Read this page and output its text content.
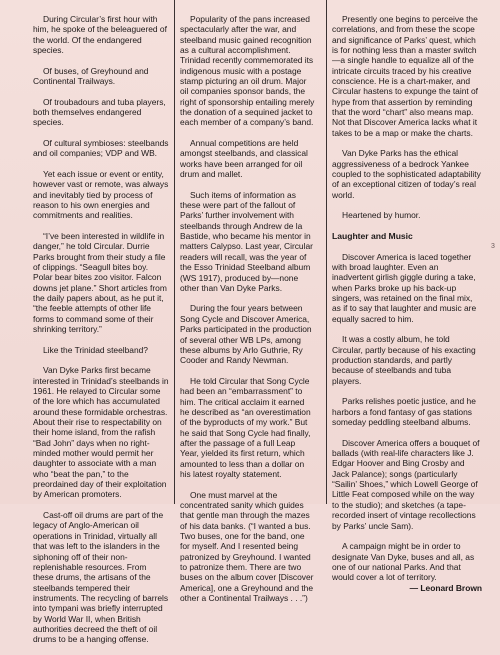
During Circular’s first hour with him, he spoke of the beleaguered of the world. Of the endangered species.

Of buses, of Greyhound and Continental Trailways.

Of troubadours and tuba players, both themselves endangered species.

Of cultural symbioses: steelbands and oil companies; VDP and WB.

Yet each issue or event or entity, however vast or remote, was always and inevitably tied by process of reason to his own energies and commitments and realities.

“I’ve been interested in wildlife in danger,” he told Circular. Durrie Parks brought from their study a file of clippings. “Seagull bites boy. Polar bear bites zoo visitor. Falcon downs jet plane.” Short articles from the daily papers about, as he put it, “the feeble attempts of other life forms to command some of their shrinking territory.”

Like the Trinidad steelband?

Van Dyke Parks first became interested in Trinidad’s steelbands in 1961. He relayed to Circular some of the lore which has accumulated around these formidable orchestras. About their rise to respectability on their home island, from the rafish “Bad John” days when no right-minded mother would permit her daughter to associate with a man who “beat the pan,” to the preordained day of their exploitation by American promoters.

Cast-off oil drums are part of the legacy of Anglo-American oil operations in Trinidad, virtually all that was left to the islanders in the siphoning off of their non-replenishable resources. From these drums, the artisans of the steelbands tempered their instruments. The recycling of barrels into tympani was briefly interrupted by World War II, when British authorities decreed the theft of oil drums to be a hanging offense.

Popularity of the pans increased spectacularly after the war, and steelband music gained recognition as a cultural accomplishment. Trinidad recently commemorated its indigenous music with a postage stamp picturing an oil drum. Major oil companies sponsor bands, the right of sponsorship entailing merely the donation of a sequined jacket to each member of a company’s band.

Annual competitions are held amongst steelbands, and classical works have been arranged for oil drum and mallet.

Such items of information as these were part of the fallout of Parks’ further involvement with steelbands through Andrew de la Bastide, who became his mentor in matters Calypso. Last year, Circular readers will recall, was the year of the Esso Trinidad Steelband album (WS 1917), produced by—none other than Van Dyke Parks.

During the four years between Song Cycle and Discover America, Parks participated in the production of several other WB LPs, among these albums by Arlo Guthrie, Ry Cooder and Randy Newman.

He told Circular that Song Cycle had been an “embarrassment” to him. The critical acclaim it earned he described as “an overestimation of the byproducts of my work.” But he said that Song Cycle had finally, after the passage of a full Leap Year, yielded its first return, which amounted to less than a dollar on his latest royalty statement.

One must marvel at the concentrated sanity which guides that gentle man through the mazes of his data banks. (“I wanted a bus. Two buses, one for the band, one for myself. And I resented being patronized by Greyhound. I wanted to patronize them. There are two buses on the album cover [Discover America], one a Greyhound and the other a Continental Trailways . . .”)

Presently one begins to perceive the correlations, and from these the scope and significance of Parks’ quest, which is for nothing less than a master switch—a single handle to equalize all of the intricate circuits traced by his creative conscience. He is a chart-maker, and Circular hastens to expunge the taint of hype from that assertion by reminding that the word “chart” also means map. Not that Discover America lacks what it takes to be a map or make the charts.

Van Dyke Parks has the ethical aggressiveness of a bedrock Yankee coupled to the sophisticated adaptability of an exceptional citizen of today’s real world.

Heartened by humor.

Laughter and Music

Discover America is laced together with broad laughter. Even an inadvertent girlish giggle during a take, when Parks broke up his back-up singers, was retained on the final mix, as if to say that laughter and music are equally sacred to him.

It was a costly album, he told Circular, partly because of his exacting production standards, and partly because of steelbands and tuba players.

Parks relishes poetic justice, and he harbors a fond fantasy of gas stations someday peddling steelband albums.

Discover America offers a bouquet of ballads (with real-life characters like J. Edgar Hoover and Bing Crosby and Jack Palance); songs (particularly “Sailin’ Shoes,” which Lowell George of Little Feat composed while on the way to the studio); and sketches (a tape-recorded insert of vintage recollections by Parks’ uncle Sam).

A campaign might be in order to designate Van Dyke, buses and all, as one of our national Parks. And that would cover a lot of territory.

— Leonard Brown

3
